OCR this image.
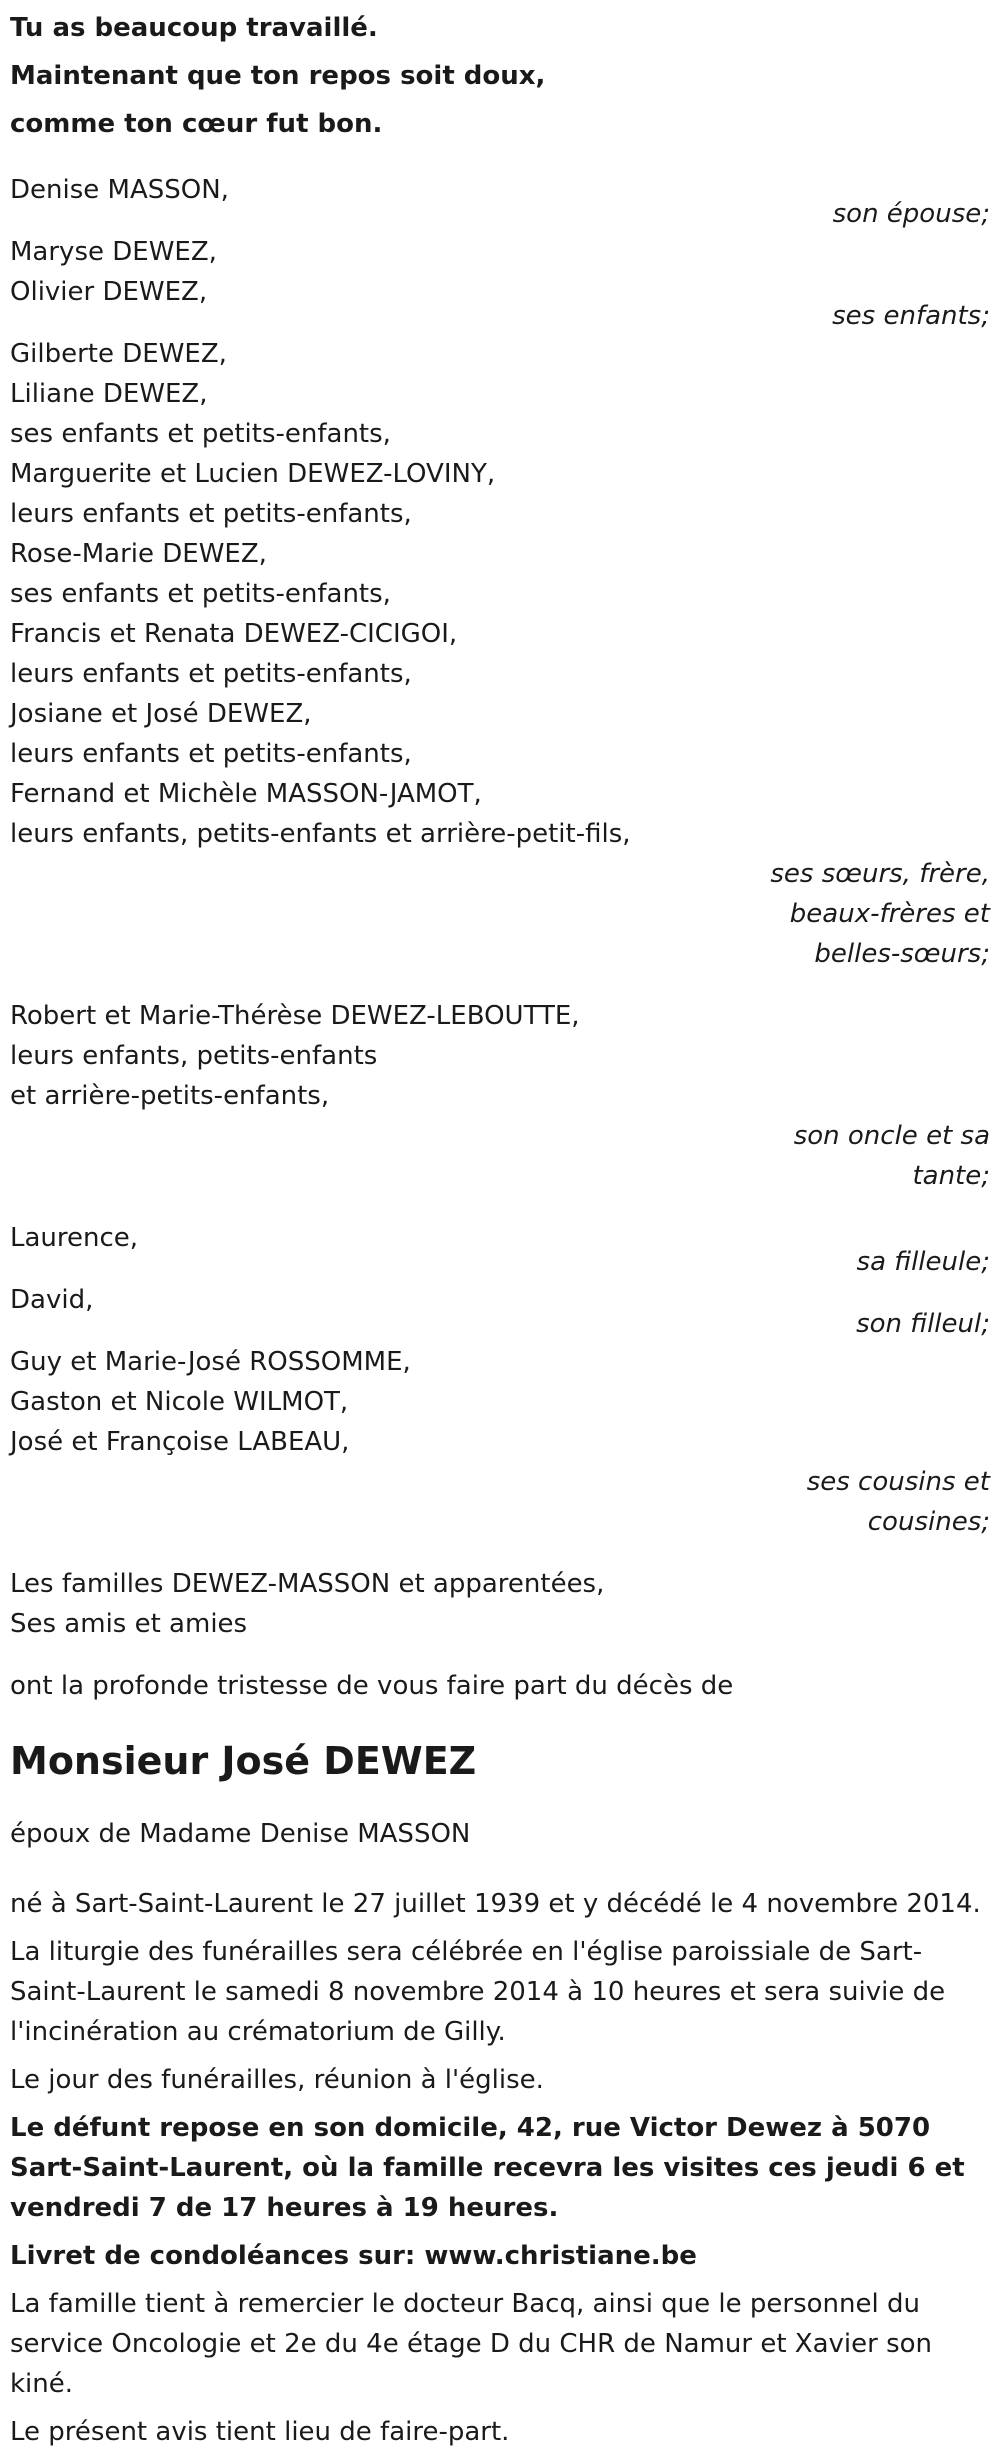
Tu as beaucoup travaillé.
Maintenant que ton repos soit doux,
comme ton cœur fut bon.
Denise MASSON,
son épouse;
Maryse DEWEZ,
Olivier DEWEZ,
ses enfants;
Gilberte DEWEZ,
Liliane DEWEZ,
ses enfants et petits-enfants,
Marguerite et Lucien DEWEZ-LOVINY,
leurs enfants et petits-enfants,
Rose-Marie DEWEZ,
ses enfants et petits-enfants,
Francis et Renata DEWEZ-CICIGOI,
leurs enfants et petits-enfants,
Josiane et José DEWEZ,
leurs enfants et petits-enfants,
Fernand et Michèle MASSON-JAMOT,
leurs enfants, petits-enfants et arrière-petit-fils,
ses sœurs, frère,
beaux-frères et
belles-sœurs;
Robert et Marie-Thérèse DEWEZ-LEBOUTTE,
leurs enfants, petits-enfants
et arrière-petits-enfants,
son oncle et sa
tante;
Laurence,
sa filleule;
David,
son filleul;
Guy et Marie-José ROSSOMME,
Gaston et Nicole WILMOT,
José et Françoise LABEAU,
ses cousins et
cousines;
Les familles DEWEZ-MASSON et apparentées,
Ses amis et amies
ont la profonde tristesse de vous faire part du décès de
Monsieur José DEWEZ
époux de Madame Denise MASSON
né à Sart-Saint-Laurent le 27 juillet 1939 et y décédé le 4 novembre 2014.
La liturgie des funérailles sera célébrée en l'église paroissiale de Sart-Saint-Laurent le samedi 8 novembre 2014 à 10 heures et sera suivie de l'incinération au crématorium de Gilly.
Le jour des funérailles, réunion à l'église.
Le défunt repose en son domicile, 42, rue Victor Dewez à 5070 Sart-Saint-Laurent, où la famille recevra les visites ces jeudi 6 et vendredi 7 de 17 heures à 19 heures.
Livret de condoléances sur: www.christiane.be
La famille tient à remercier le docteur Bacq, ainsi que le personnel du service Oncologie et 2e du 4e étage D du CHR de Namur et Xavier son kiné.
Le présent avis tient lieu de faire-part.
